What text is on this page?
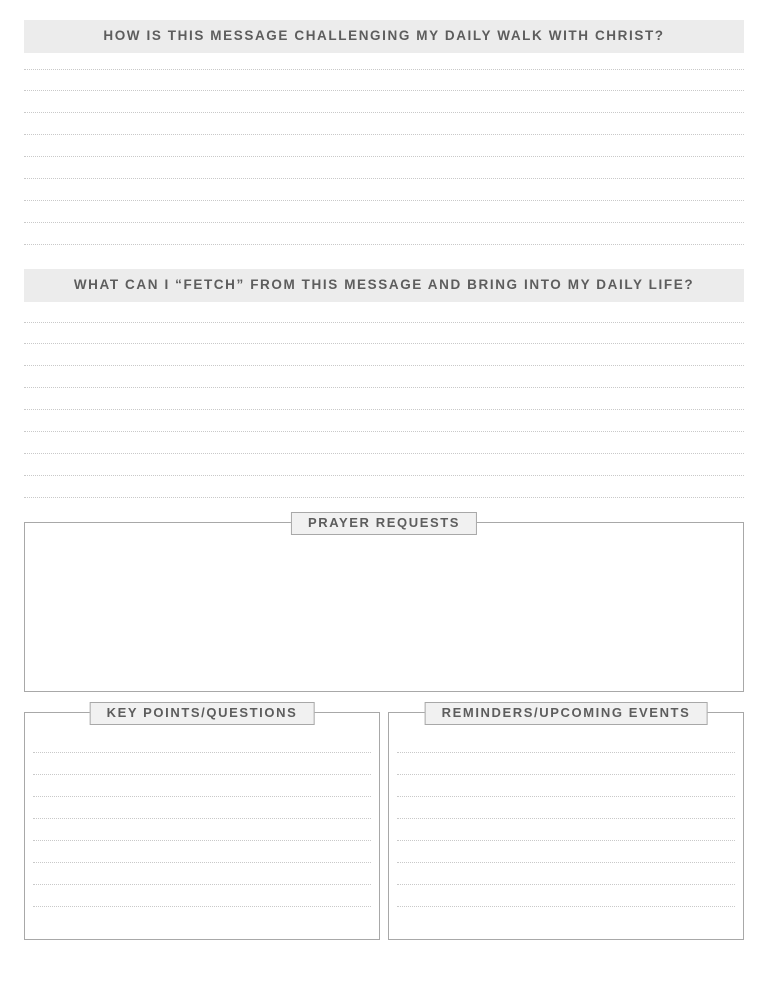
HOW IS THIS MESSAGE CHALLENGING MY DAILY WALK WITH CHRIST?
WHAT CAN I “FETCH” FROM THIS MESSAGE AND BRING INTO MY DAILY LIFE?
PRAYER REQUESTS
KEY POINTS/QUESTIONS	REMINDERS/UPCOMING EVENTS
